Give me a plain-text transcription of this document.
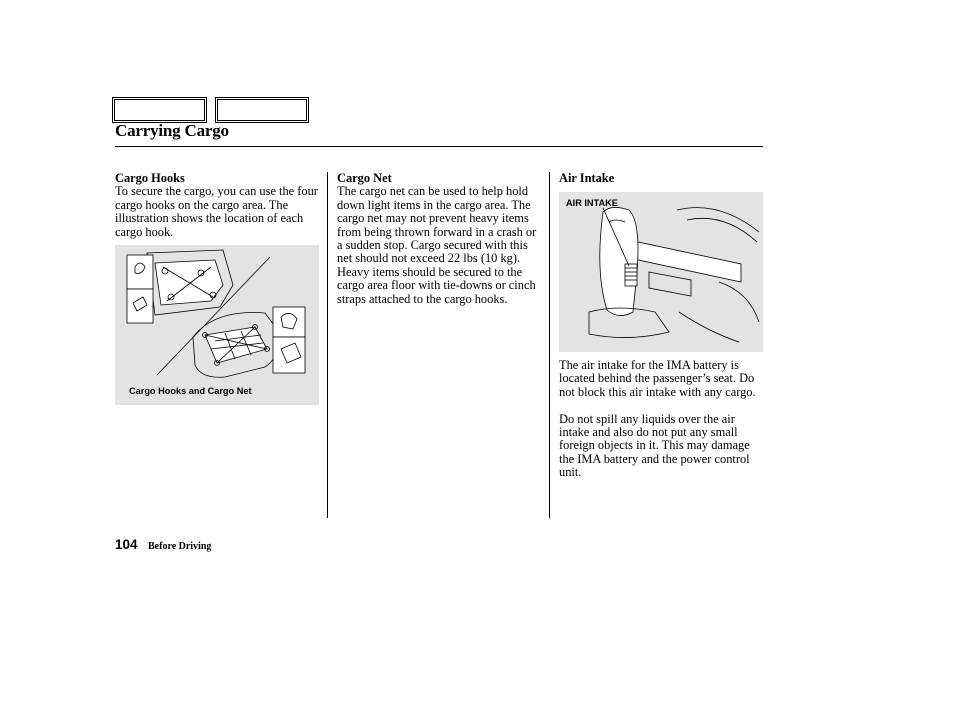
Carrying Cargo
Cargo Hooks

To secure the cargo, you can use the four cargo hooks on the cargo area. The illustration shows the location of each cargo hook.

Cargo Hooks and Cargo Net
Cargo Net

The cargo net can be used to help hold down light items in the cargo area. The cargo net may not prevent heavy items from being thrown forward in a crash or a sudden stop. Cargo secured with this net should not exceed 22 lbs (10 kg). Heavy items should be secured to the cargo area floor with tie-downs or cinch straps attached to the cargo hooks.

Air Intake
AIR INTAKE

The air intake for the IMA battery is located behind the passenger’s seat. Do not block this air intake with any cargo.

Do not spill any liquids over the air intake and also do not put any small foreign objects in it. This may damage the IMA battery and the power control unit.

104 Before Driving
